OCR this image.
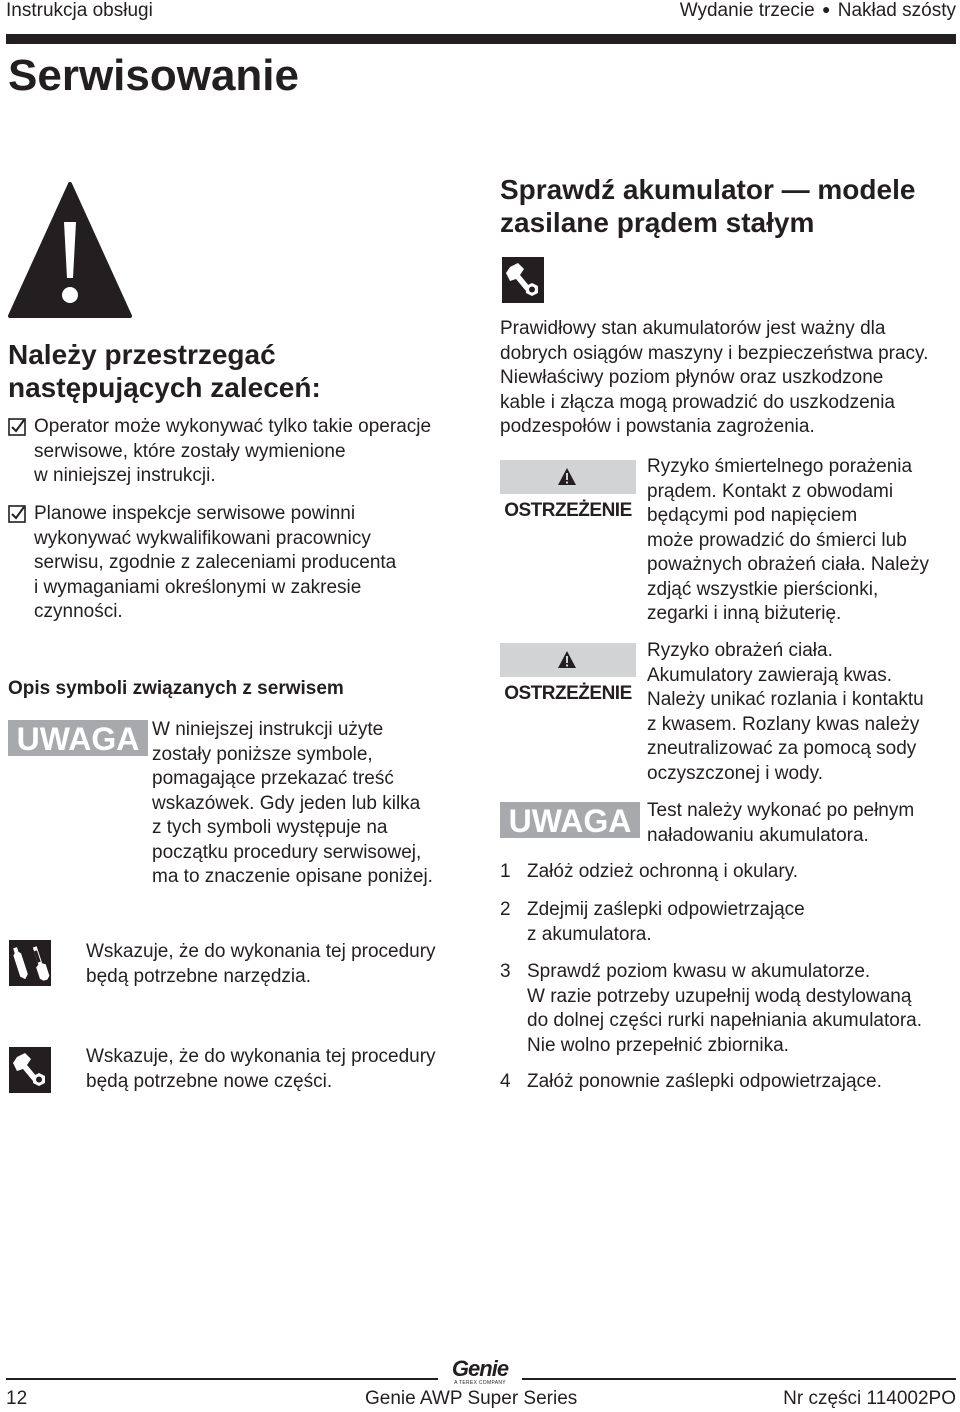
Instrukcja obsługi	Wydanie trzecie ● Nakład szósty
Serwisowanie
Należy przestrzegać
następujących zaleceń:
Operator może wykonywać tylko takie operacje
serwisowe, które zostały wymienione
w niniejszej instrukcji.
Planowe inspekcje serwisowe powinni
wykonywać wykwalifikowani pracownicy
serwisu, zgodnie z zaleceniami producenta
i wymaganiami określonymi w zakresie
czynności.
Opis symboli związanych z serwisem
UWAGA W niniejszej instrukcji użyte
zostały poniższe symbole,
pomagające przekazać treść
wskazówek. Gdy jeden lub kilka
z tych symboli występuje na
początku procedury serwisowej,
ma to znaczenie opisane poniżej.
Wskazuje, że do wykonania tej procedury
będą potrzebne narzędzia.
Wskazuje, że do wykonania tej procedury
będą potrzebne nowe części.
Sprawdź akumulator — modele
zasilane prądem stałym
Prawidłowy stan akumulatorów jest ważny dla
dobrych osiągów maszyny i bezpieczeństwa pracy.
Niewłaściwy poziom płynów oraz uszkodzone
kable i złącza mogą prowadzić do uszkodzenia
podzespołów i powstania zagrożenia.
OSTRZEŻENIE
Ryzyko śmiertelnego porażenia
prądem. Kontakt z obwodami
będącymi pod napięciem
może prowadzić do śmierci lub
poważnych obrażeń ciała. Należy
zdjąć wszystkie pierścionki,
zegarki i inną biżuterię.
OSTRZEŻENIE
Ryzyko obrażeń ciała.
Akumulatory zawierają kwas.
Należy unikać rozlania i kontaktu
z kwasem. Rozlany kwas należy
zneutralizować za pomocą sody
oczyszczonej i wody.
UWAGA Test należy wykonać po pełnym
naładowaniu akumulatora.
1 Załóż odzież ochronną i okulary.
2 Zdejmij zaślepki odpowietrzające
z akumulatora.
3 Sprawdź poziom kwasu w akumulatorze.
W razie potrzeby uzupełnij wodą destylowaną
do dolnej części rurki napełniania akumulatora.
Nie wolno przepełnić zbiornika.
4 Załóż ponownie zaślepki odpowietrzające.
Genie
A TEREX COMPANY
12	Genie AWP Super Series	Nr części 114002PO
